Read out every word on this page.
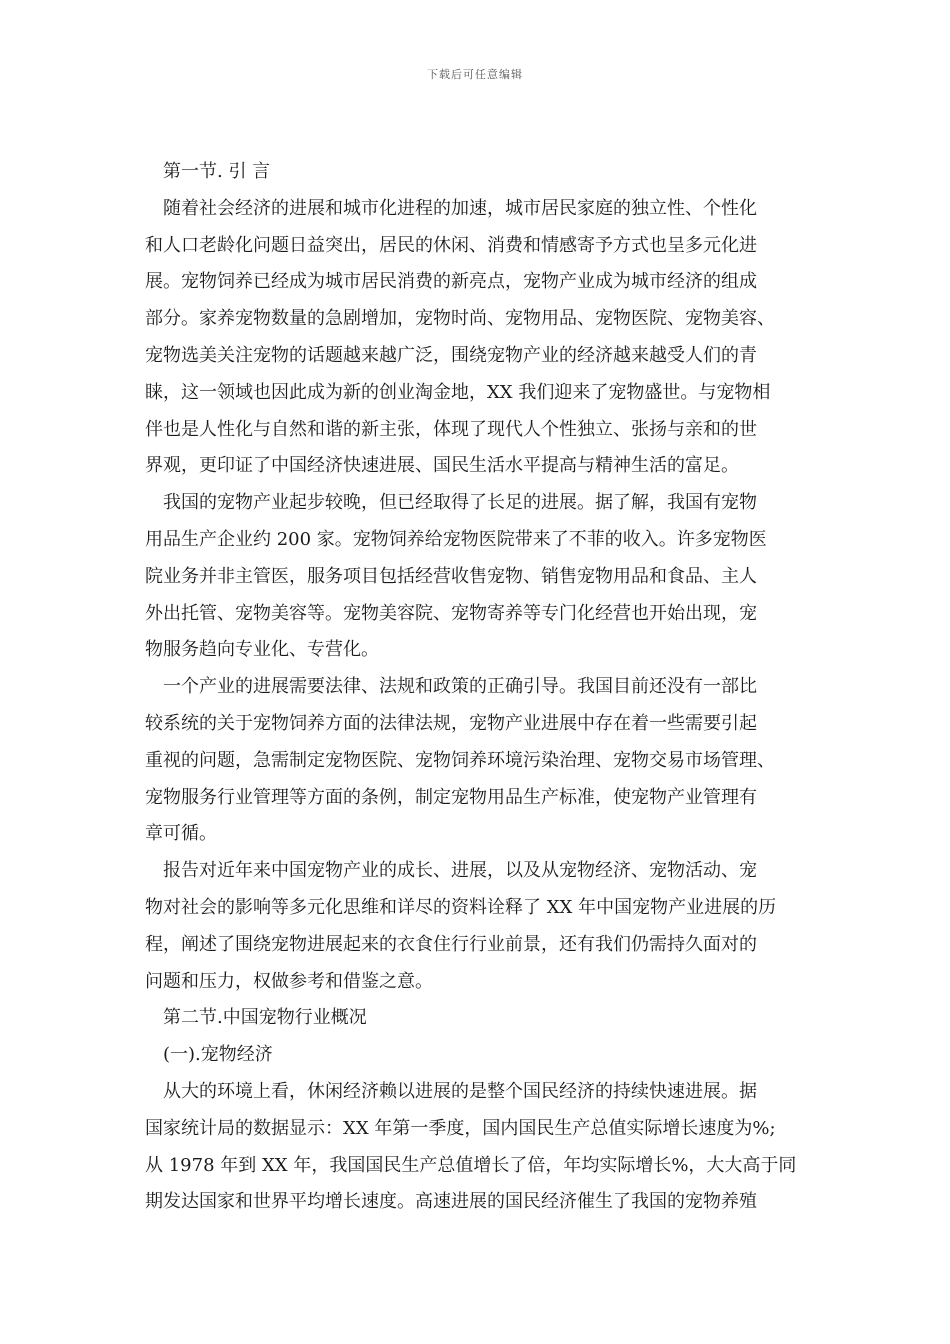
下载后可任意编辑
第一节. 引 言
随着社会经济的进展和城市化进程的加速，城市居民家庭的独立性、个性化
和人口老龄化问题日益突出，居民的休闲、消费和情感寄予方式也呈多元化进
展。宠物饲养已经成为城市居民消费的新亮点，宠物产业成为城市经济的组成
部分。家养宠物数量的急剧增加，宠物时尚、宠物用品、宠物医院、宠物美容、
宠物选美关注宠物的话题越来越广泛，围绕宠物产业的经济越来越受人们的青
睐，这一领域也因此成为新的创业淘金地，XX 我们迎来了宠物盛世。与宠物相
伴也是人性化与自然和谐的新主张，体现了现代人个性独立、张扬与亲和的世
界观，更印证了中国经济快速进展、国民生活水平提高与精神生活的富足。
我国的宠物产业起步较晚，但已经取得了长足的进展。据了解，我国有宠物
用品生产企业约 200 家。宠物饲养给宠物医院带来了不菲的收入。许多宠物医
院业务并非主管医，服务项目包括经营收售宠物、销售宠物用品和食品、主人
外出托管、宠物美容等。宠物美容院、宠物寄养等专门化经营也开始出现，宠
物服务趋向专业化、专营化。
一个产业的进展需要法律、法规和政策的正确引导。我国目前还没有一部比
较系统的关于宠物饲养方面的法律法规，宠物产业进展中存在着一些需要引起
重视的问题，急需制定宠物医院、宠物饲养环境污染治理、宠物交易市场管理、
宠物服务行业管理等方面的条例，制定宠物用品生产标准，使宠物产业管理有
章可循。
报告对近年来中国宠物产业的成长、进展，以及从宠物经济、宠物活动、宠
物对社会的影响等多元化思维和详尽的资料诠释了 XX 年中国宠物产业进展的历
程，阐述了围绕宠物进展起来的衣食住行行业前景，还有我们仍需持久面对的
问题和压力，权做参考和借鉴之意。
第二节.中国宠物行业概况
(一).宠物经济
从大的环境上看，休闲经济赖以进展的是整个国民经济的持续快速进展。据
国家统计局的数据显示：XX 年第一季度，国内国民生产总值实际增长速度为%;
从 1978 年到 XX 年，我国国民生产总值增长了倍，年均实际增长%，大大高于同
期发达国家和世界平均增长速度。高速进展的国民经济催生了我国的宠物养殖
